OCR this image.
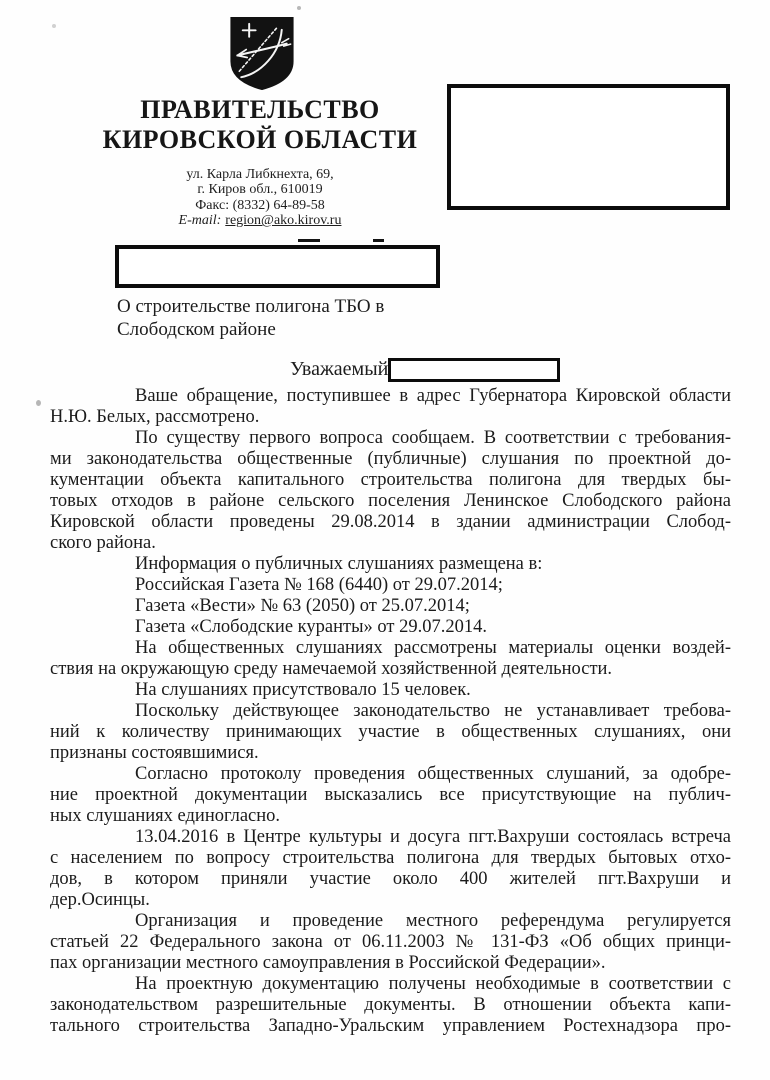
ПРАВИТЕЛЬСТВО
КИРОВСКОЙ ОБЛАСТИ
ул. Карла Либкнехта, 69,
г. Киров обл., 610019
Факс: (8332) 64-89-58
E-mail: region@ako.kirov.ru
О строительстве полигона ТБО в
Слободском районе
Уважаемый
Ваше обращение, поступившее в адрес Губернатора Кировской области
Н.Ю. Белых, рассмотрено.
По существу первого вопроса сообщаем. В соответствии с требования-
ми законодательства общественные (публичные) слушания по проектной до-
кументации объекта капитального строительства полигона для твердых бы-
товых отходов в районе сельского поселения Ленинское Слободского района
Кировской области проведены 29.08.2014 в здании администрации Слобод-
ского района.
Информация о публичных слушаниях размещена в:
Российская Газета № 168 (6440) от 29.07.2014;
Газета «Вести» № 63 (2050) от 25.07.2014;
Газета «Слободские куранты» от 29.07.2014.
На общественных слушаниях рассмотрены материалы оценки воздей-
ствия на окружающую среду намечаемой хозяйственной деятельности.
На слушаниях присутствовало 15 человек.
Поскольку действующее законодательство не устанавливает требова-
ний к количеству принимающих участие в общественных слушаниях, они
признаны состоявшимися.
Согласно протоколу проведения общественных слушаний, за одобре-
ние проектной документации высказались все присутствующие на публич-
ных слушаниях единогласно.
13.04.2016 в Центре культуры и досуга пгт.Вахруши состоялась встреча
с населением по вопросу строительства полигона для твердых бытовых отхо-
дов, в котором приняли участие около 400 жителей пгт.Вахруши и
дер.Осинцы.
Организация и проведение местного референдума регулируется
статьей 22 Федерального закона от 06.11.2003 № 131-ФЗ «Об общих принци-
пах организации местного самоуправления в Российской Федерации».
На проектную документацию получены необходимые в соответствии с
законодательством разрешительные документы. В отношении объекта капи-
тального строительства Западно-Уральским управлением Ростехнадзора про-
